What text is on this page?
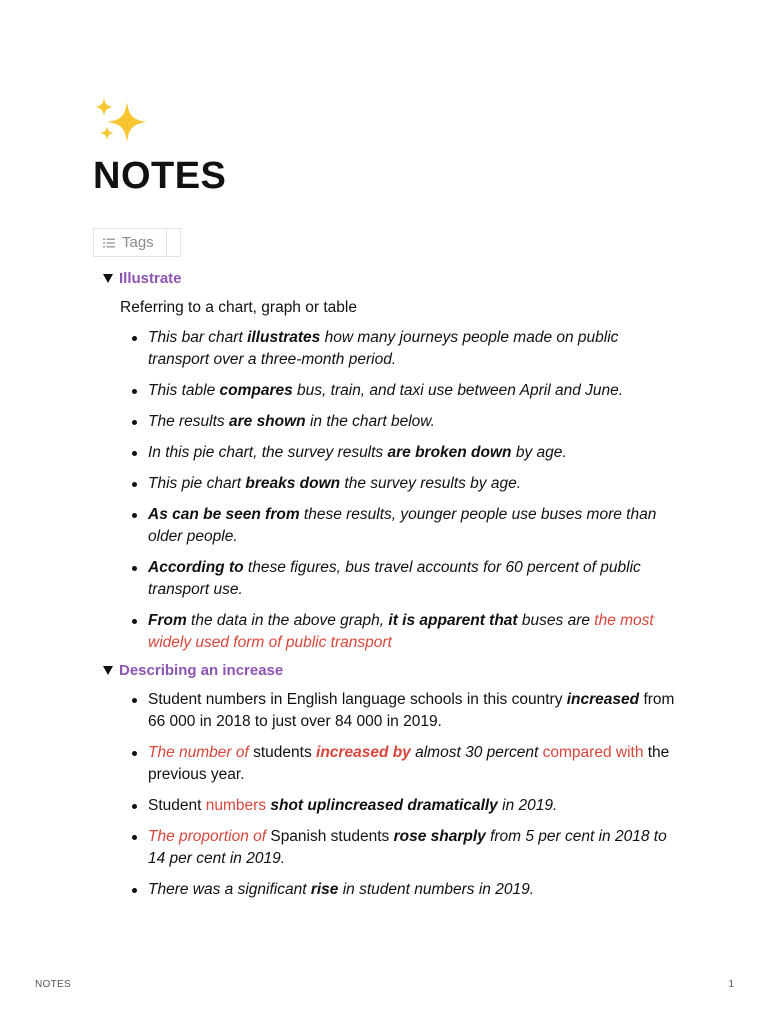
NOTES
Tags
Illustrate
Referring to a chart, graph or table
This bar chart illustrates how many journeys people made on public transport over a three-month period.
This table compares bus, train, and taxi use between April and June.
The results are shown in the chart below.
In this pie chart, the survey results are broken down by age.
This pie chart breaks down the survey results by age.
As can be seen from these results, younger people use buses more than older people.
According to these figures, bus travel accounts for 60 percent of public transport use.
From the data in the above graph, it is apparent that buses are the most widely used form of public transport
Describing an increase
Student numbers in English language schools in this country increased from 66 000 in 2018 to just over 84 000 in 2019.
The number of students increased by almost 30 percent compared with the previous year.
Student numbers shot up/increased dramatically in 2019.
The proportion of Spanish students rose sharply from 5 per cent in 2018 to 14 per cent in 2019.
There was a significant rise in student numbers in 2019.
NOTES	1
